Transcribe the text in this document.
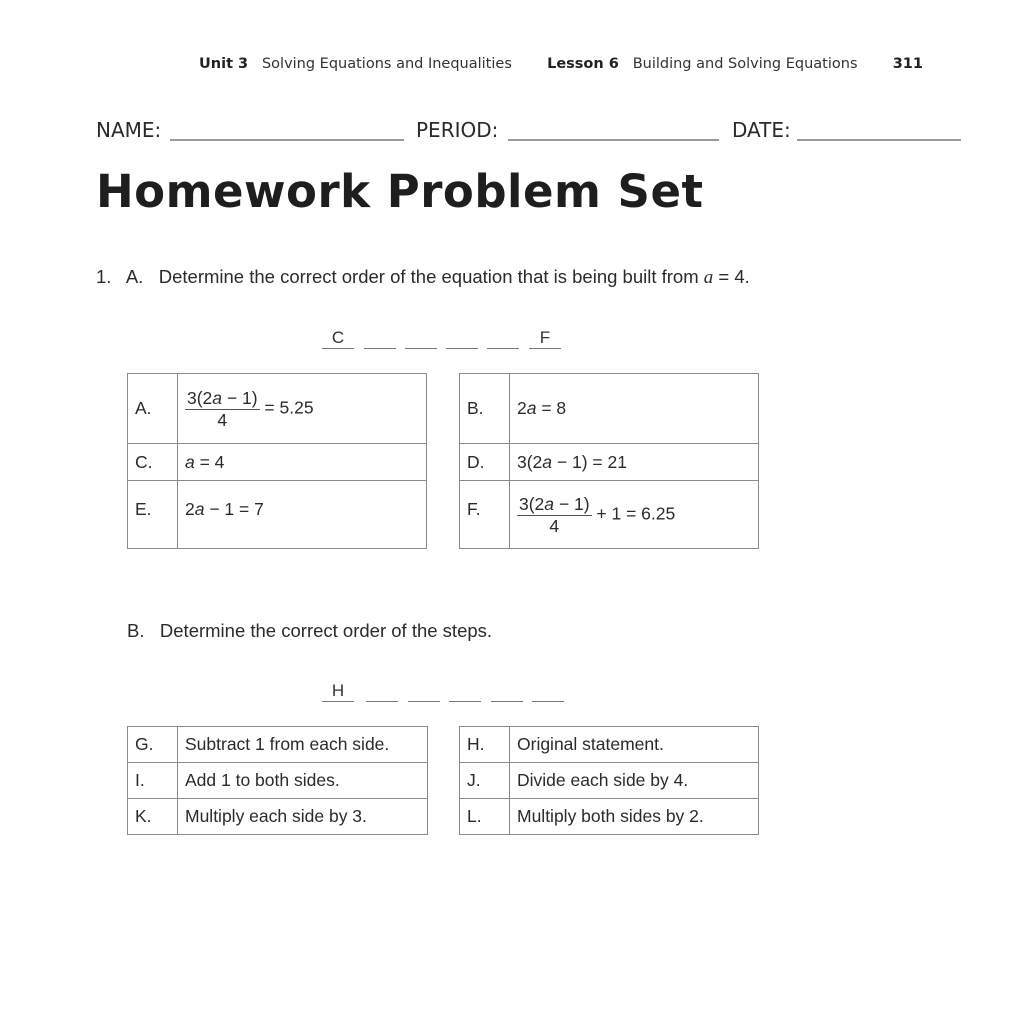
Unit 3 Solving Equations and Inequalities Lesson 6 Building and Solving Equations 311
NAME:	PERIOD:	DATE:
Homework Problem Set
1. A. Determine the correct order of the equation that is being built from a = 4.
C	F
A.	$\frac{3(2a - 1)}{4} = 5.25$
C.	a = 4
E.	2a − 1 = 7
B.	2a = 8
D.	3(2a − 1) = 21
F.	$\frac{3(2a - 1)}{4} + 1 = 6.25$
B. Determine the correct order of the steps.
H
G.	Subtract 1 from each side.
I.	Add 1 to both sides.
K.	Multiply each side by 3.
H.	Original statement.
J.	Divide each side by 4.
L.	Multiply both sides by 2.
